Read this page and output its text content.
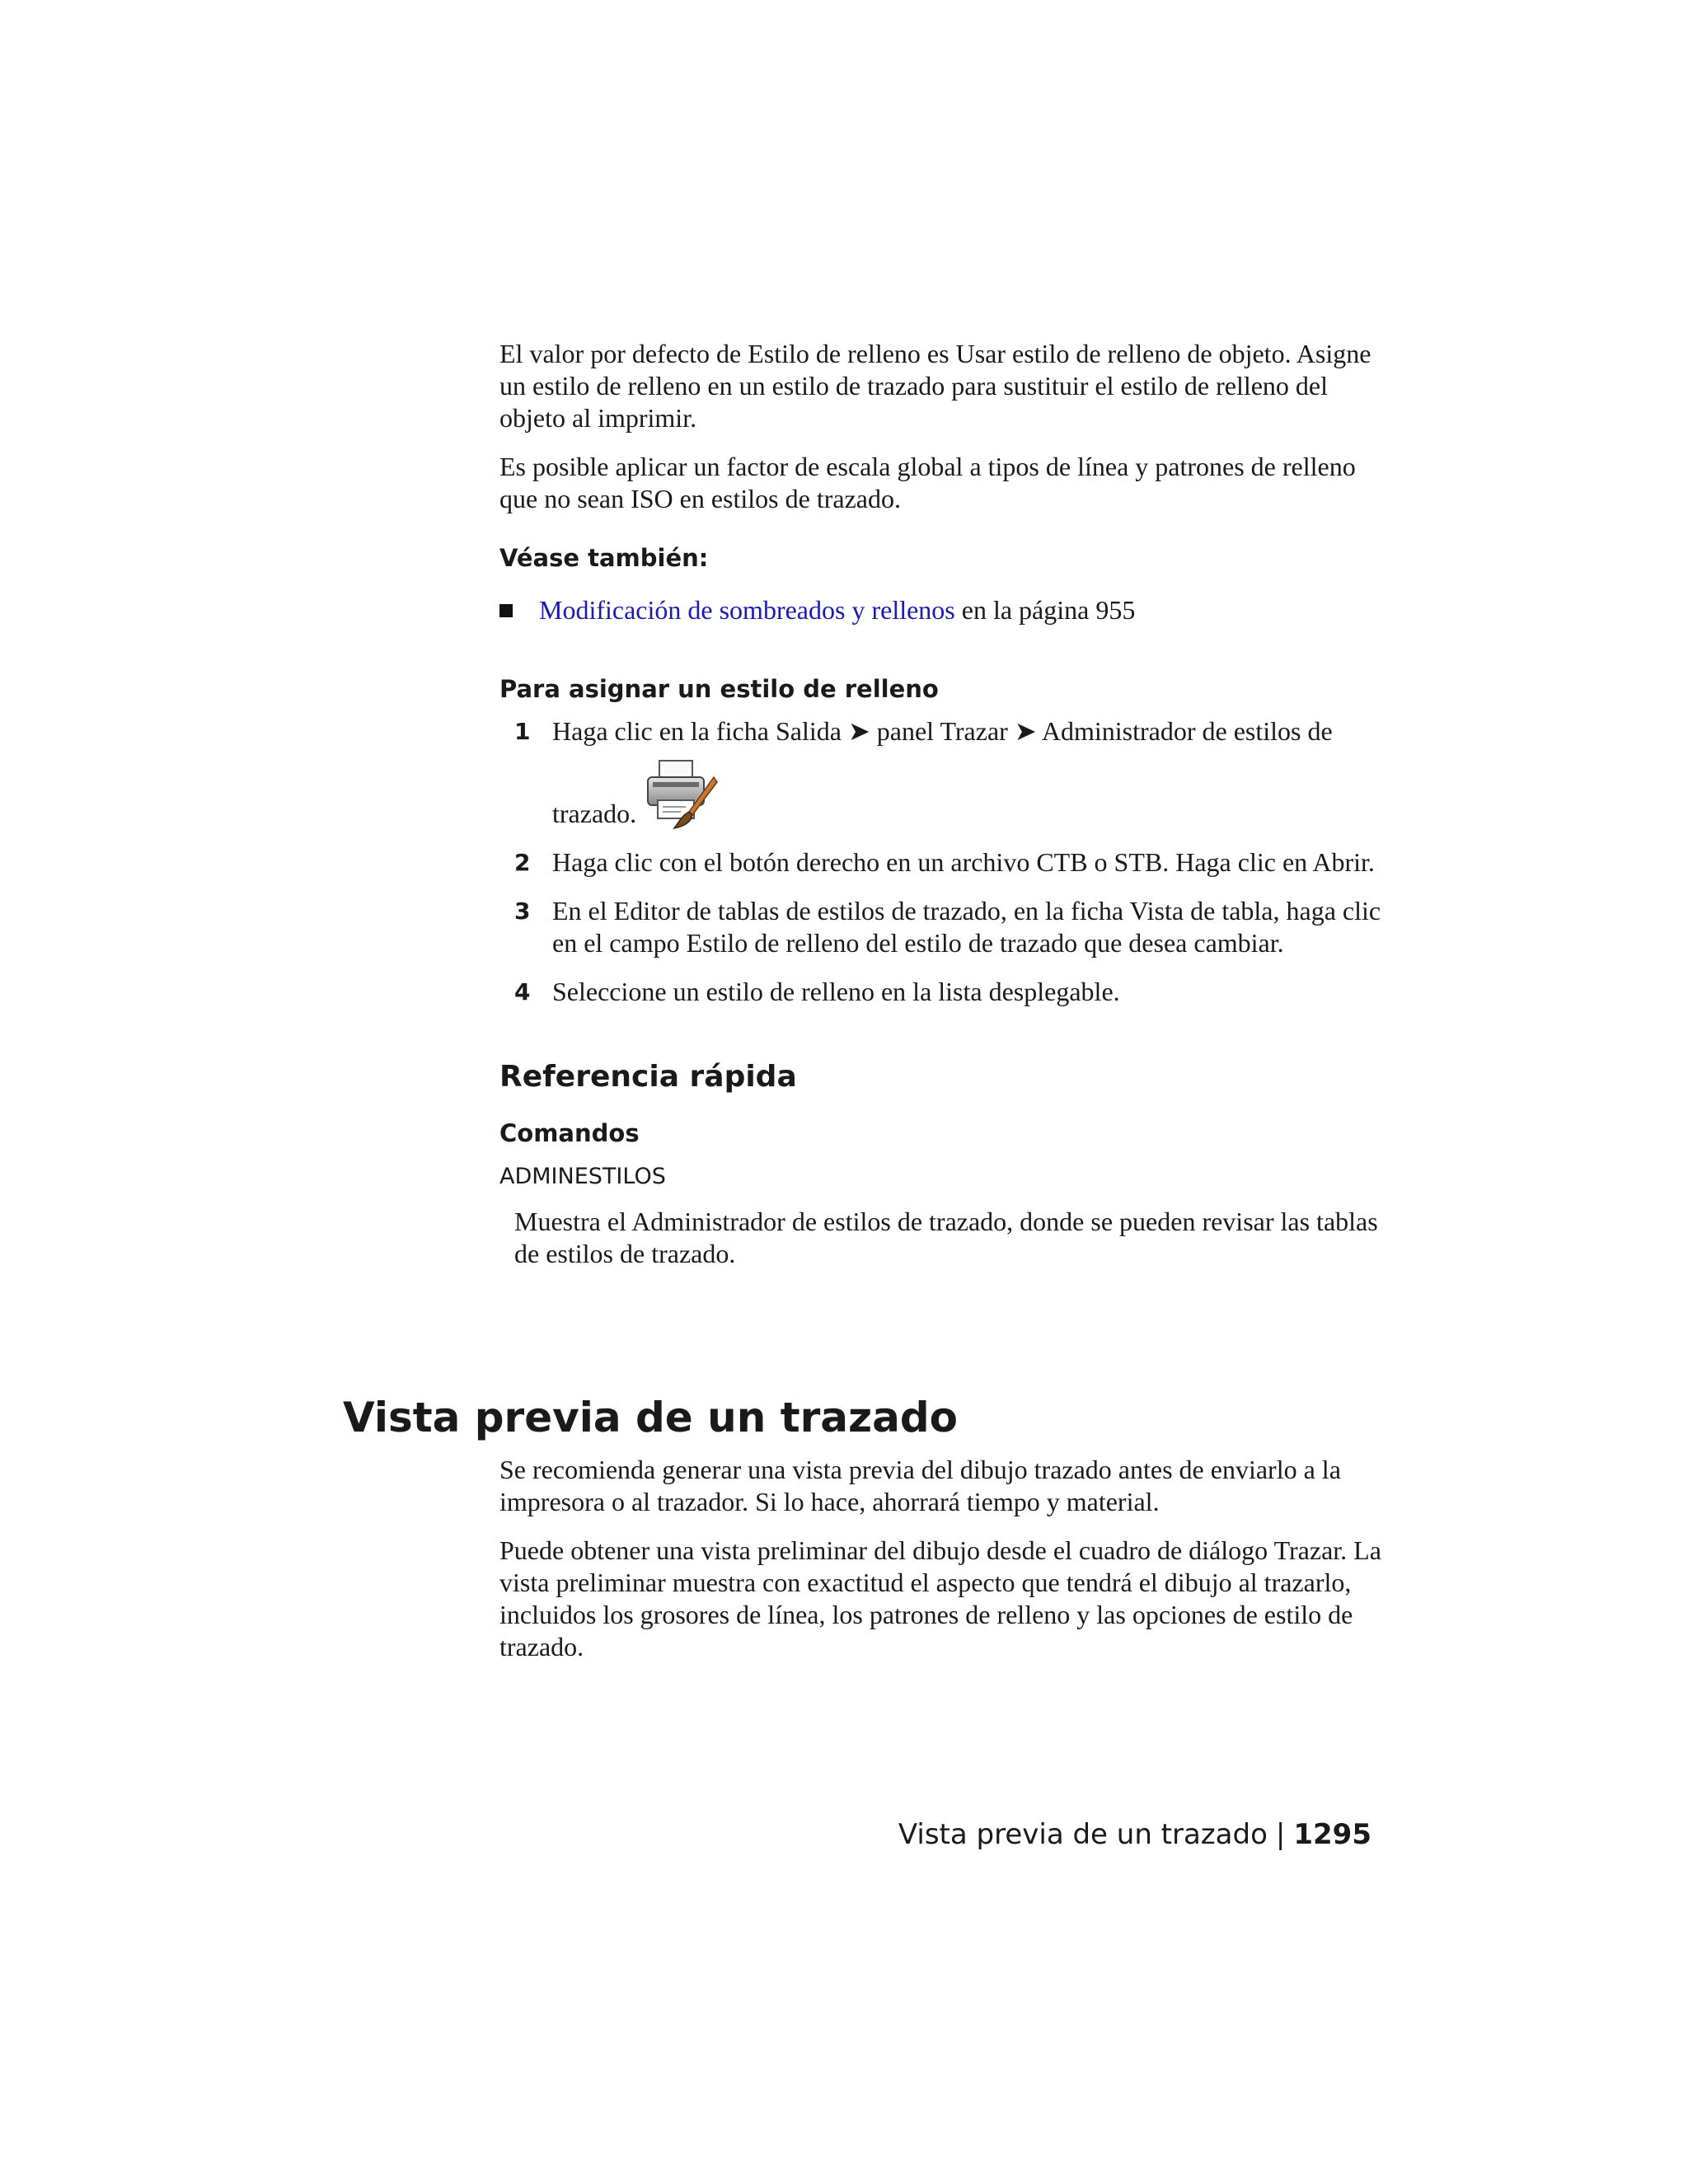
El valor por defecto de Estilo de relleno es Usar estilo de relleno de objeto. Asigne un estilo de relleno en un estilo de trazado para sustituir el estilo de relleno del objeto al imprimir.

Es posible aplicar un factor de escala global a tipos de línea y patrones de relleno que no sean ISO en estilos de trazado.

Véase también:
Modificación de sombreados y rellenos en la página 955
Para asignar un estilo de relleno
1 Haga clic en la ficha Salida ➤ panel Trazar ➤ Administrador de estilos de
trazado.
2 Haga clic con el botón derecho en un archivo CTB o STB. Haga clic en Abrir.
3 En el Editor de tablas de estilos de trazado, en la ficha Vista de tabla, haga clic en el campo Estilo de relleno del estilo de trazado que desea cambiar.
4 Seleccione un estilo de relleno en la lista desplegable.
Referencia rápida
Comandos
ADMINESTILOS

Muestra el Administrador de estilos de trazado, donde se pueden revisar las tablas de estilos de trazado.

Vista previa de un trazado

Se recomienda generar una vista previa del dibujo trazado antes de enviarlo a la impresora o al trazador. Si lo hace, ahorrará tiempo y material.

Puede obtener una vista preliminar del dibujo desde el cuadro de diálogo Trazar. La vista preliminar muestra con exactitud el aspecto que tendrá el dibujo al trazarlo, incluidos los grosores de línea, los patrones de relleno y las opciones de estilo de trazado.

Vista previa de un trazado | 1295
